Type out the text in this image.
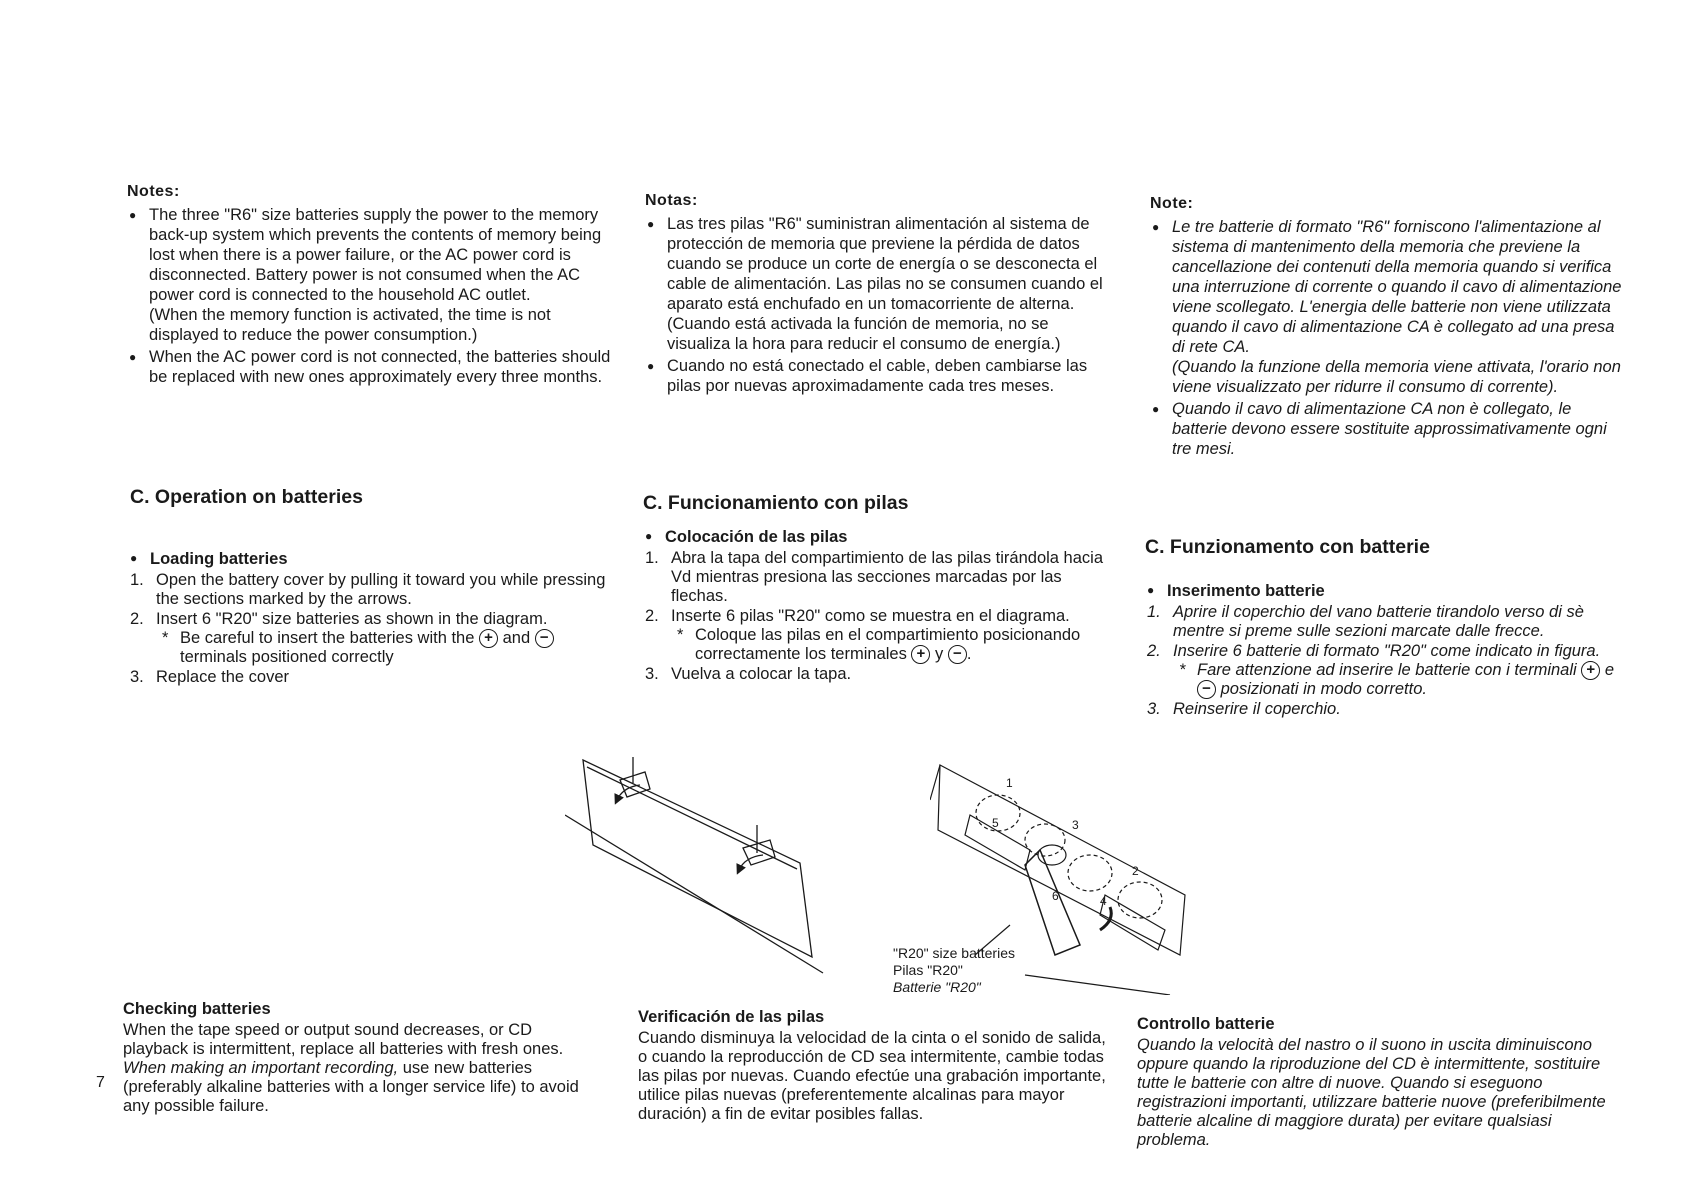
Notes:
● The three "R6" size batteries supply the power to the memory back-up system which prevents the contents of memory being lost when there is a power failure, or the AC power cord is disconnected. Battery power is not consumed when the AC power cord is connected to the household AC outlet.
(When the memory function is activated, the time is not displayed to reduce the power consumption.)
● When the AC power cord is not connected, the batteries should be replaced with new ones approximately every three months.
C. Operation on batteries
● Loading batteries
1. Open the battery cover by pulling it toward you while pressing the sections marked by the arrows.
2. Insert 6 "R20" size batteries as shown in the diagram.
* Be careful to insert the batteries with the + and −
terminals positioned correctly
3. Replace the cover
Checking batteries

When the tape speed or output sound decreases, or CD playback is intermittent, replace all batteries with fresh ones.
When making an important recording, use new batteries (preferably alkaline batteries with a longer service life) to avoid any possible failure.

Notas:
● Las tres pilas "R6" suministran alimentación al sistema de protección de memoria que previene la pérdida de datos cuando se produce un corte de energía o se desconecta el cable de alimentación. Las pilas no se consumen cuando el aparato está enchufado en un tomacorriente de alterna.
(Cuando está activada la función de memoria, no se visualiza la hora para reducir el consumo de energía.)
● Cuando no está conectado el cable, deben cambiarse las pilas por nuevas aproximadamente cada tres meses.
C. Funcionamiento con pilas
● Colocación de las pilas
1. Abra la tapa del compartimiento de las pilas tirándola hacia Vd mientras presiona las secciones marcadas por las flechas.
2. Inserte 6 pilas "R20" como se muestra en el diagrama.
* Coloque las pilas en el compartimiento posicionando correctamente los terminales + y − .
3. Vuelva a colocar la tapa.
Verificación de las pilas

Cuando disminuya la velocidad de la cinta o el sonido de salida, o cuando la reproducción de CD sea intermitente, cambie todas las pilas por nuevas. Cuando efectúe una grabación importante, utilice pilas nuevas (preferentemente alcalinas para mayor duración) a fin de evitar posibles fallas.

Note:
● Le tre batterie di formato "R6" forniscono l'alimentazione al sistema di mantenimento della memoria che previene la cancellazione dei contenuti della memoria quando si verifica una interruzione di corrente o quando il cavo di alimentazione viene scollegato. L'energia delle batterie non viene utilizzata quando il cavo di alimentazione CA è collegato ad una presa di rete CA.
(Quando la funzione della memoria viene attivata, l'orario non viene visualizzato per ridurre il consumo di corrente).
● Quando il cavo di alimentazione CA non è collegato, le batterie devono essere sostituite approssimativamente ogni tre mesi.
C. Funzionamento con batterie
● Inserimento batterie
1. Aprire il coperchio del vano batterie tirandolo verso di sè mentre si preme sulle sezioni marcate dalle frecce.
2. Inserire 6 batterie di formato "R20" come indicato in figura.
* Fare attenzione ad inserire le batterie con i terminali + e − posizionati in modo corretto.
3. Reinserire il coperchio.
Controllo batterie

Quando la velocità del nastro o il suono in uscita diminuiscono oppure quando la riproduzione del CD è intermittente, sostituire tutte le batterie con altre di nuove. Quando si eseguono registrazioni importanti, utilizzare batterie nuove (preferibilmente batterie alcaline di maggiore durata) per evitare qualsiasi problema.

1
2
3
4
5
6
"R20" size batteries
Pilas "R20"
Batterie "R20"
7
